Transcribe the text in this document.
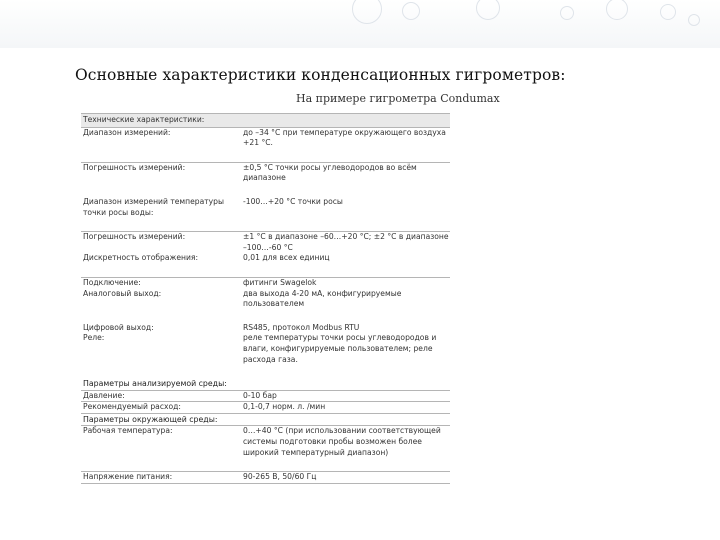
Основные характеристики конденсационных гигрометров:
На примере гигрометра Condumax
Технические характеристики:	
Диапазон измерений:	до –34 °С при температуре окружающего воздуха +21 °С.
Погрешность измерений:	±0,5 °С точки росы углеводородов во всём диапазоне
Диапазон измерений температуры точки росы воды:	-100…+20 °С точки росы
Погрешность измерений:	±1 °С в диапазоне –60…+20 °С; ±2 °С в диапазоне –100…-60 °С
Дискретность отображения:	0,01 для всех единиц
Подключение:	фитинги Swagelok
Аналоговый выход:	два выхода 4-20 мА, конфигурируемые пользователем
Цифровой выход:	RS485, протокол Modbus RTU
Реле:	реле температуры точки росы углеводородов и влаги, конфигурируемые пользователем; реле расхода газа.
Параметры анализируемой среды:	
Давление:	0-10 бар
Рекомендуемый расход:	0,1-0,7 норм. л. /мин
Параметры окружающей среды:	
Рабочая температура:	0…+40 °С (при использовании соответствующей системы подготовки пробы возможен более широкий температурный диапазон)
Напряжение питания:	90-265 В, 50/60 Гц
